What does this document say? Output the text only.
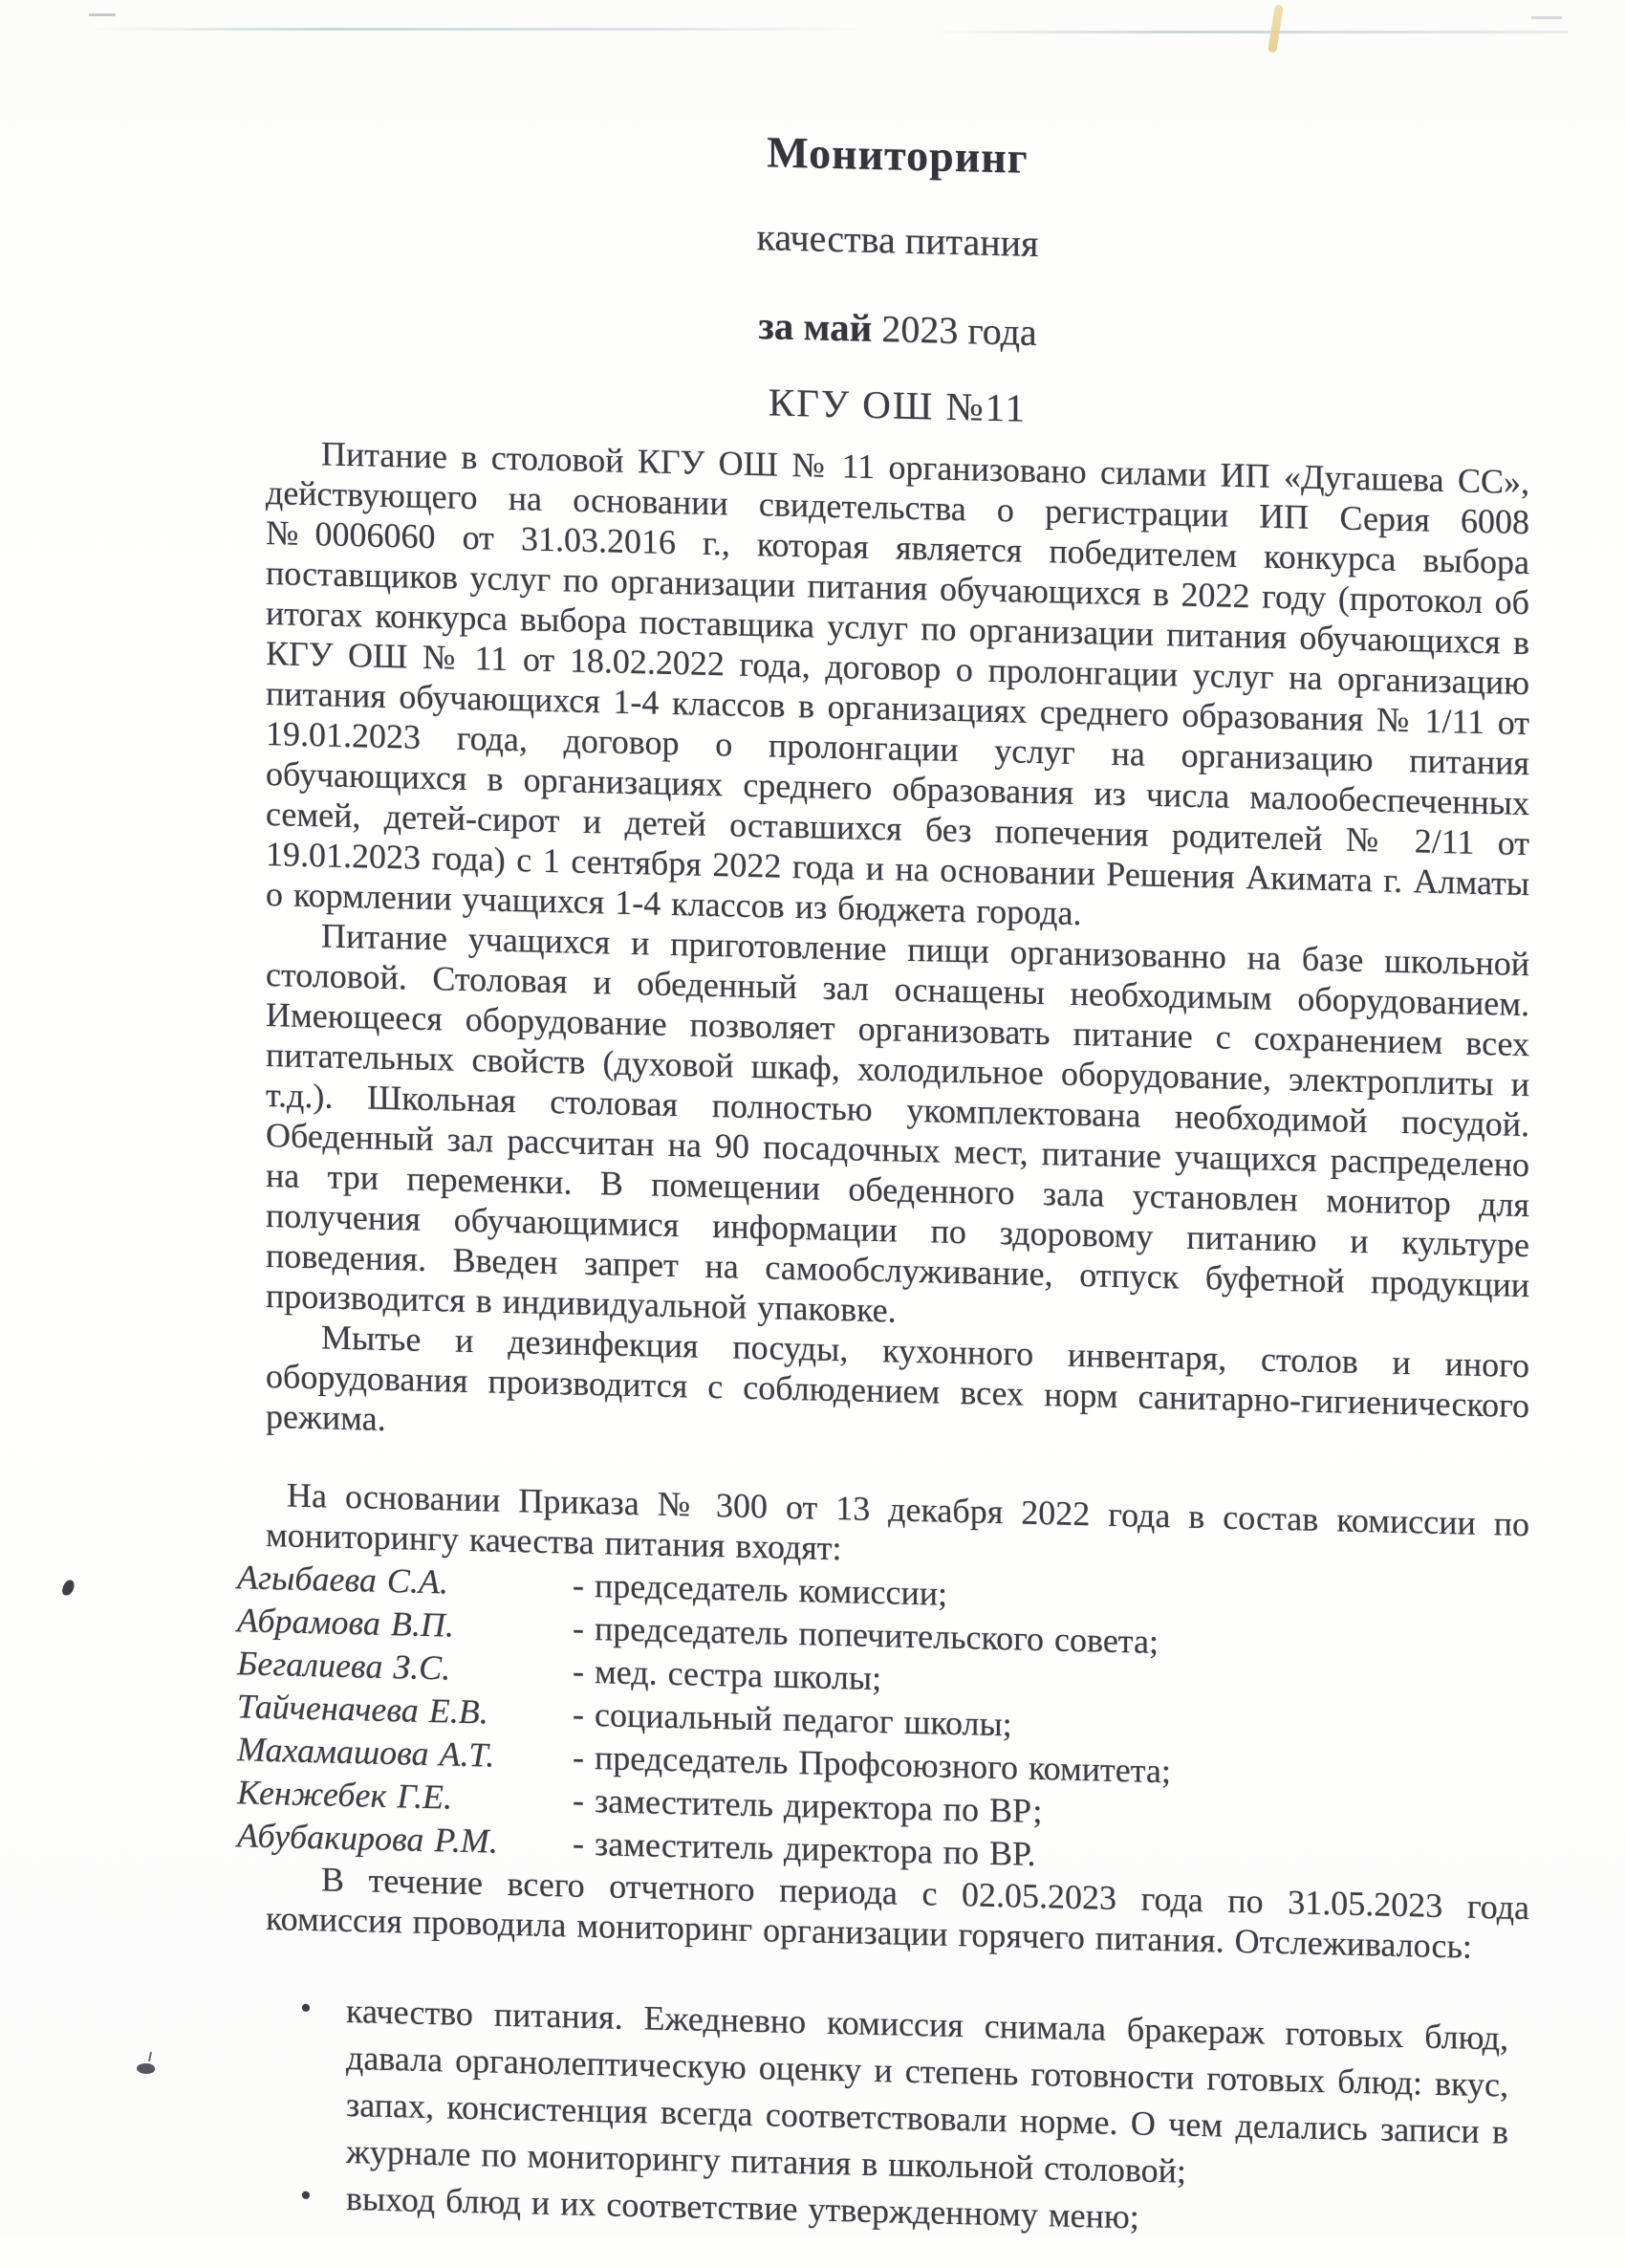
Мониторинг
качества питания
за май 2023 года
КГУ ОШ №11

Питание в столовой КГУ ОШ № 11 организовано силами ИП «Дугашева СС», действующего на основании свидетельства о регистрации ИП Серия 6008 №0006060 от 31.03.2016 г., которая является победителем конкурса выбора поставщиков услуг по организации питания обучающихся в 2022 году (протокол об итогах конкурса выбора поставщика услуг по организации питания обучающихся в КГУ ОШ № 11 от 18.02.2022 года, договор о пролонгации услуг на организацию питания обучающихся 1-4 классов в организациях среднего образования № 1/11 от 19.01.2023 года, договор о пролонгации услуг на организацию питания обучающихся в организациях среднего образования из числа малообеспеченных семей, детей-сирот и детей оставшихся без попечения родителей № 2/11 от 19.01.2023 года) с 1 сентября 2022 года и на основании Решения Акимата г. Алматы о кормлении учащихся 1-4 классов из бюджета города.

Питание учащихся и приготовление пищи организованно на базе школьной столовой. Столовая и обеденный зал оснащены необходимым оборудованием. Имеющееся оборудование позволяет организовать питание с сохранением всех питательных свойств (духовой шкаф, холодильное оборудование, электроплиты и т.д.). Школьная столовая полностью укомплектована необходимой посудой. Обеденный зал рассчитан на 90 посадочных мест, питание учащихся распределено на три переменки. В помещении обеденного зала установлен монитор для получения обучающимися информации по здоровому питанию и культуре поведения. Введен запрет на самообслуживание, отпуск буфетной продукции производится в индивидуальной упаковке.

Мытье и дезинфекция посуды, кухонного инвентаря, столов и иного оборудования производится с соблюдением всех норм санитарно-гигиенического режима.

На основании Приказа № 300 от 13 декабря 2022 года в состав комиссии по мониторингу качества питания входят:

Агыбаева С.А.	- председатель комиссии;
Абрамова В.П.	- председатель попечительского совета;
Бегалиева З.С.	- мед. сестра школы;
Тайченачева Е.В.	- социальный педагог школы;
Махамашова А.Т.	- председатель Профсоюзного комитета;
Кенжебек Г.Е.	- заместитель директора по ВР;
Абубакирова Р.М.	- заместитель директора по ВР.

В течение всего отчетного периода с 02.05.2023 года по 31.05.2023 года комиссия проводила мониторинг организации горячего питания. Отслеживалось:

• качество питания. Ежедневно комиссия снимала бракераж готовых блюд, давала органолептическую оценку и степень готовности готовых блюд: вкус, запах, консистенция всегда соответствовали норме. О чем делались записи в журнале по мониторингу питания в школьной столовой;
• выход блюд и их соответствие утвержденному меню;
